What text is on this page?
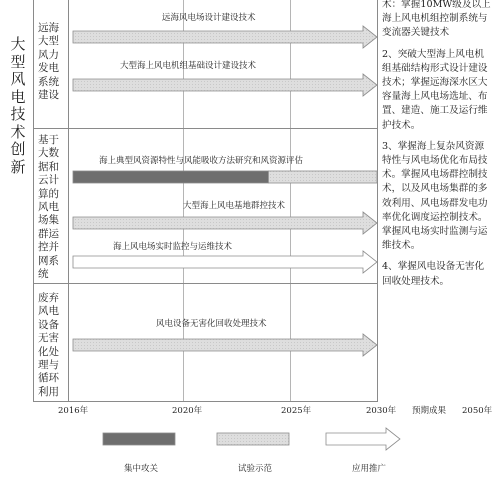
大型风电技术创新
远海大型风力发电系统建设
基于大数据和云计算的风电场集群运控并网系统
废弃风电设备无害化处理与循环利用
远海风电场设计建设技术
大型海上风电机组基础设计建设技术
海上典型风资源特性与风能吸收方法研究和风资源评估
大型海上风电基地群控技术
海上风电场实时监控与运维技术
风电设备无害化回收处理技术

术：掌握10MW级及以上海上风电机组控制系统与变流器关键技术

2、突破大型海上风电机组基础结构形式设计建设技术；掌握远海深水区大容量海上风电场选址、布置、建造、施工及运行维护技术。

3、掌握海上复杂风资源特性与风电场优化布局技术。掌握风电场群控制技术，以及风电场集群的多效利用、风电场群发电功率优化调度运控制技术。掌握风电场实时监测与运维技术。

4、掌握风电设备无害化回收处理技术。

2016年	2020年	2025年	2030年 预期成果 2050年
集中攻关	试验示范	应用推广
